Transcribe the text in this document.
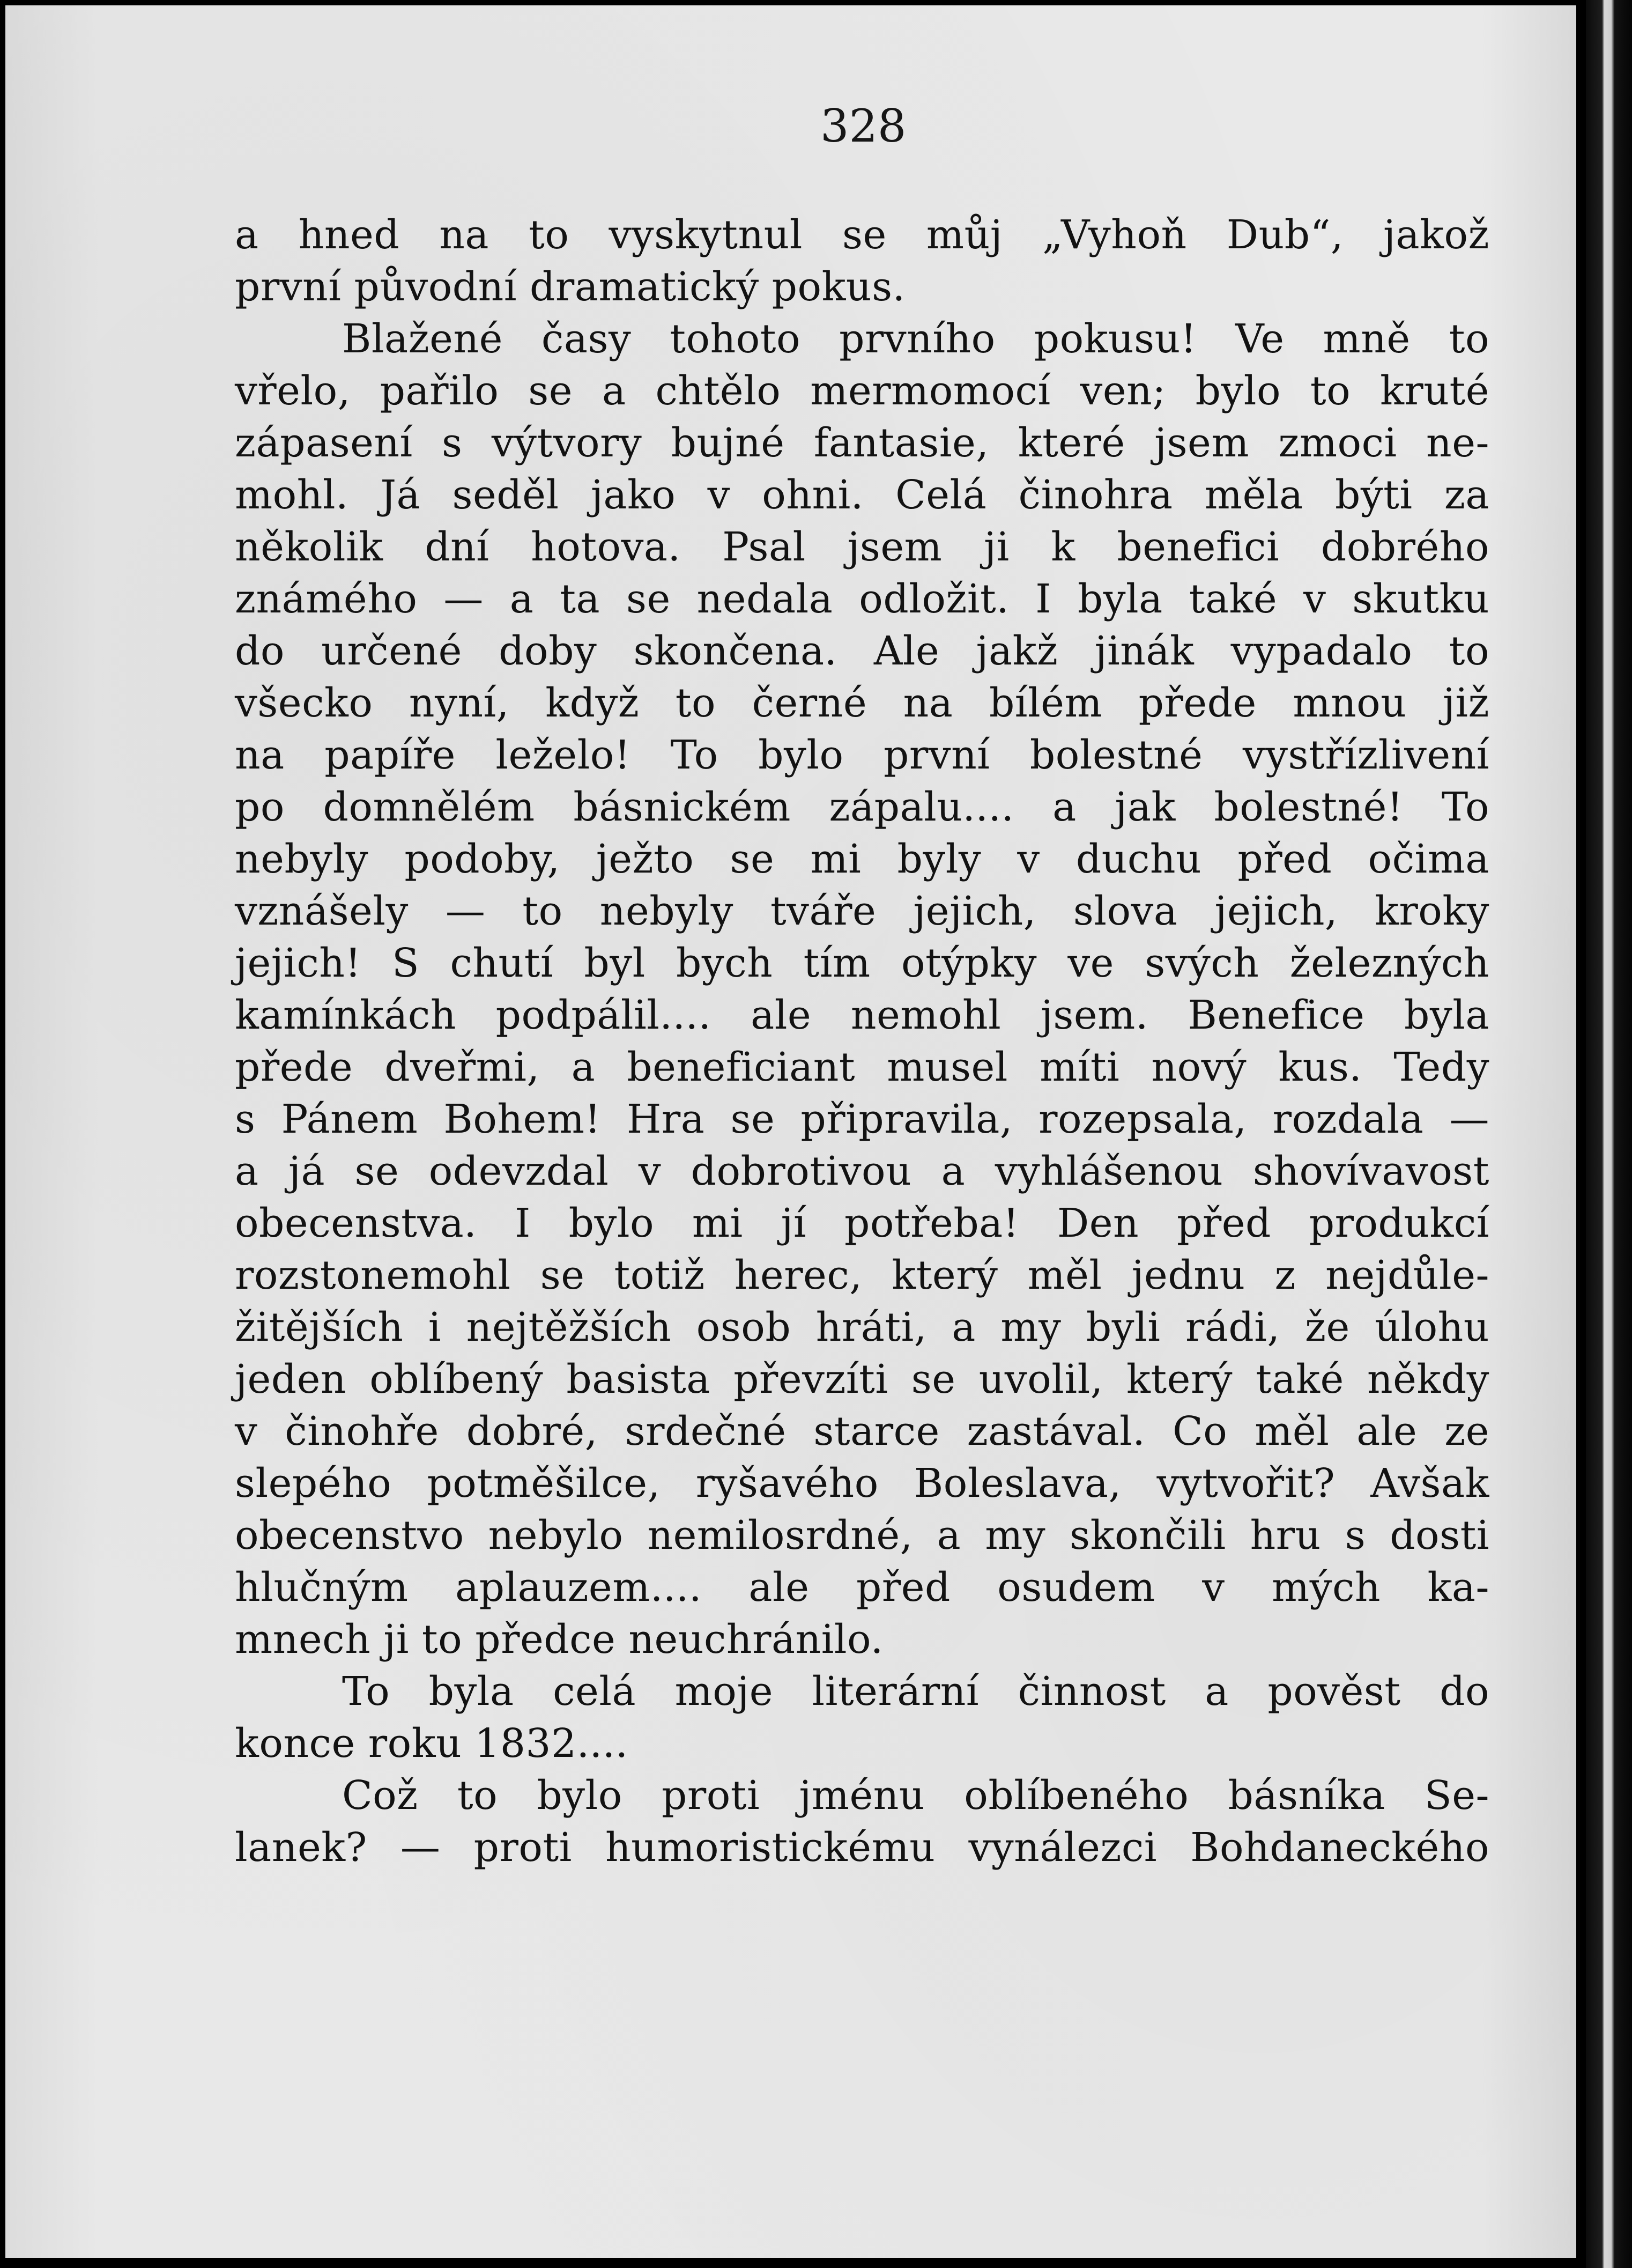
328
a hned na to vyskytnul se můj „Vyhoň Dub“, jakož
první původní dramatický pokus.
Blažené časy tohoto prvního pokusu! Ve mně to
vřelo, pařilo se a chtělo mermomocí ven; bylo to kruté
zápasení s výtvory bujné fantasie, které jsem zmoci ne-
mohl. Já seděl jako v ohni. Celá činohra měla býti za
několik dní hotova. Psal jsem ji k benefici dobrého
známého — a ta se nedala odložit. I byla také v skutku
do určené doby skončena. Ale jakž jinák vypadalo to
všecko nyní, když to černé na bílém přede mnou již
na papíře leželo! To bylo první bolestné vystřízlivení
po domnělém básnickém zápalu.... a jak bolestné! To
nebyly podoby, ježto se mi byly v duchu před očima
vznášely — to nebyly tváře jejich, slova jejich, kroky
jejich! S chutí byl bych tím otýpky ve svých železných
kamínkách podpálil.... ale nemohl jsem. Benefice byla
přede dveřmi, a beneficiant musel míti nový kus. Tedy
s Pánem Bohem! Hra se připravila, rozepsala, rozdala —
a já se odevzdal v dobrotivou a vyhlášenou shovívavost
obecenstva. I bylo mi jí potřeba! Den před produkcí
rozstonemohl se totiž herec, který měl jednu z nejdůle-
žitějších i nejtěžších osob hráti, a my byli rádi, že úlohu
jeden oblíbený basista převzíti se uvolil, který také někdy
v činohře dobré, srdečné starce zastával. Co měl ale ze
slepého potměšilce, ryšavého Boleslava, vytvořit? Avšak
obecenstvo nebylo nemilosrdné, a my skončili hru s dosti
hlučným aplauzem.... ale před osudem v mých ka-
mnech ji to předce neuchránilo.
To byla celá moje literární činnost a pověst do
konce roku 1832....
Což to bylo proti jménu oblíbeného básníka Se-
lanek? — proti humoristickému vynálezci Bohdaneckého
